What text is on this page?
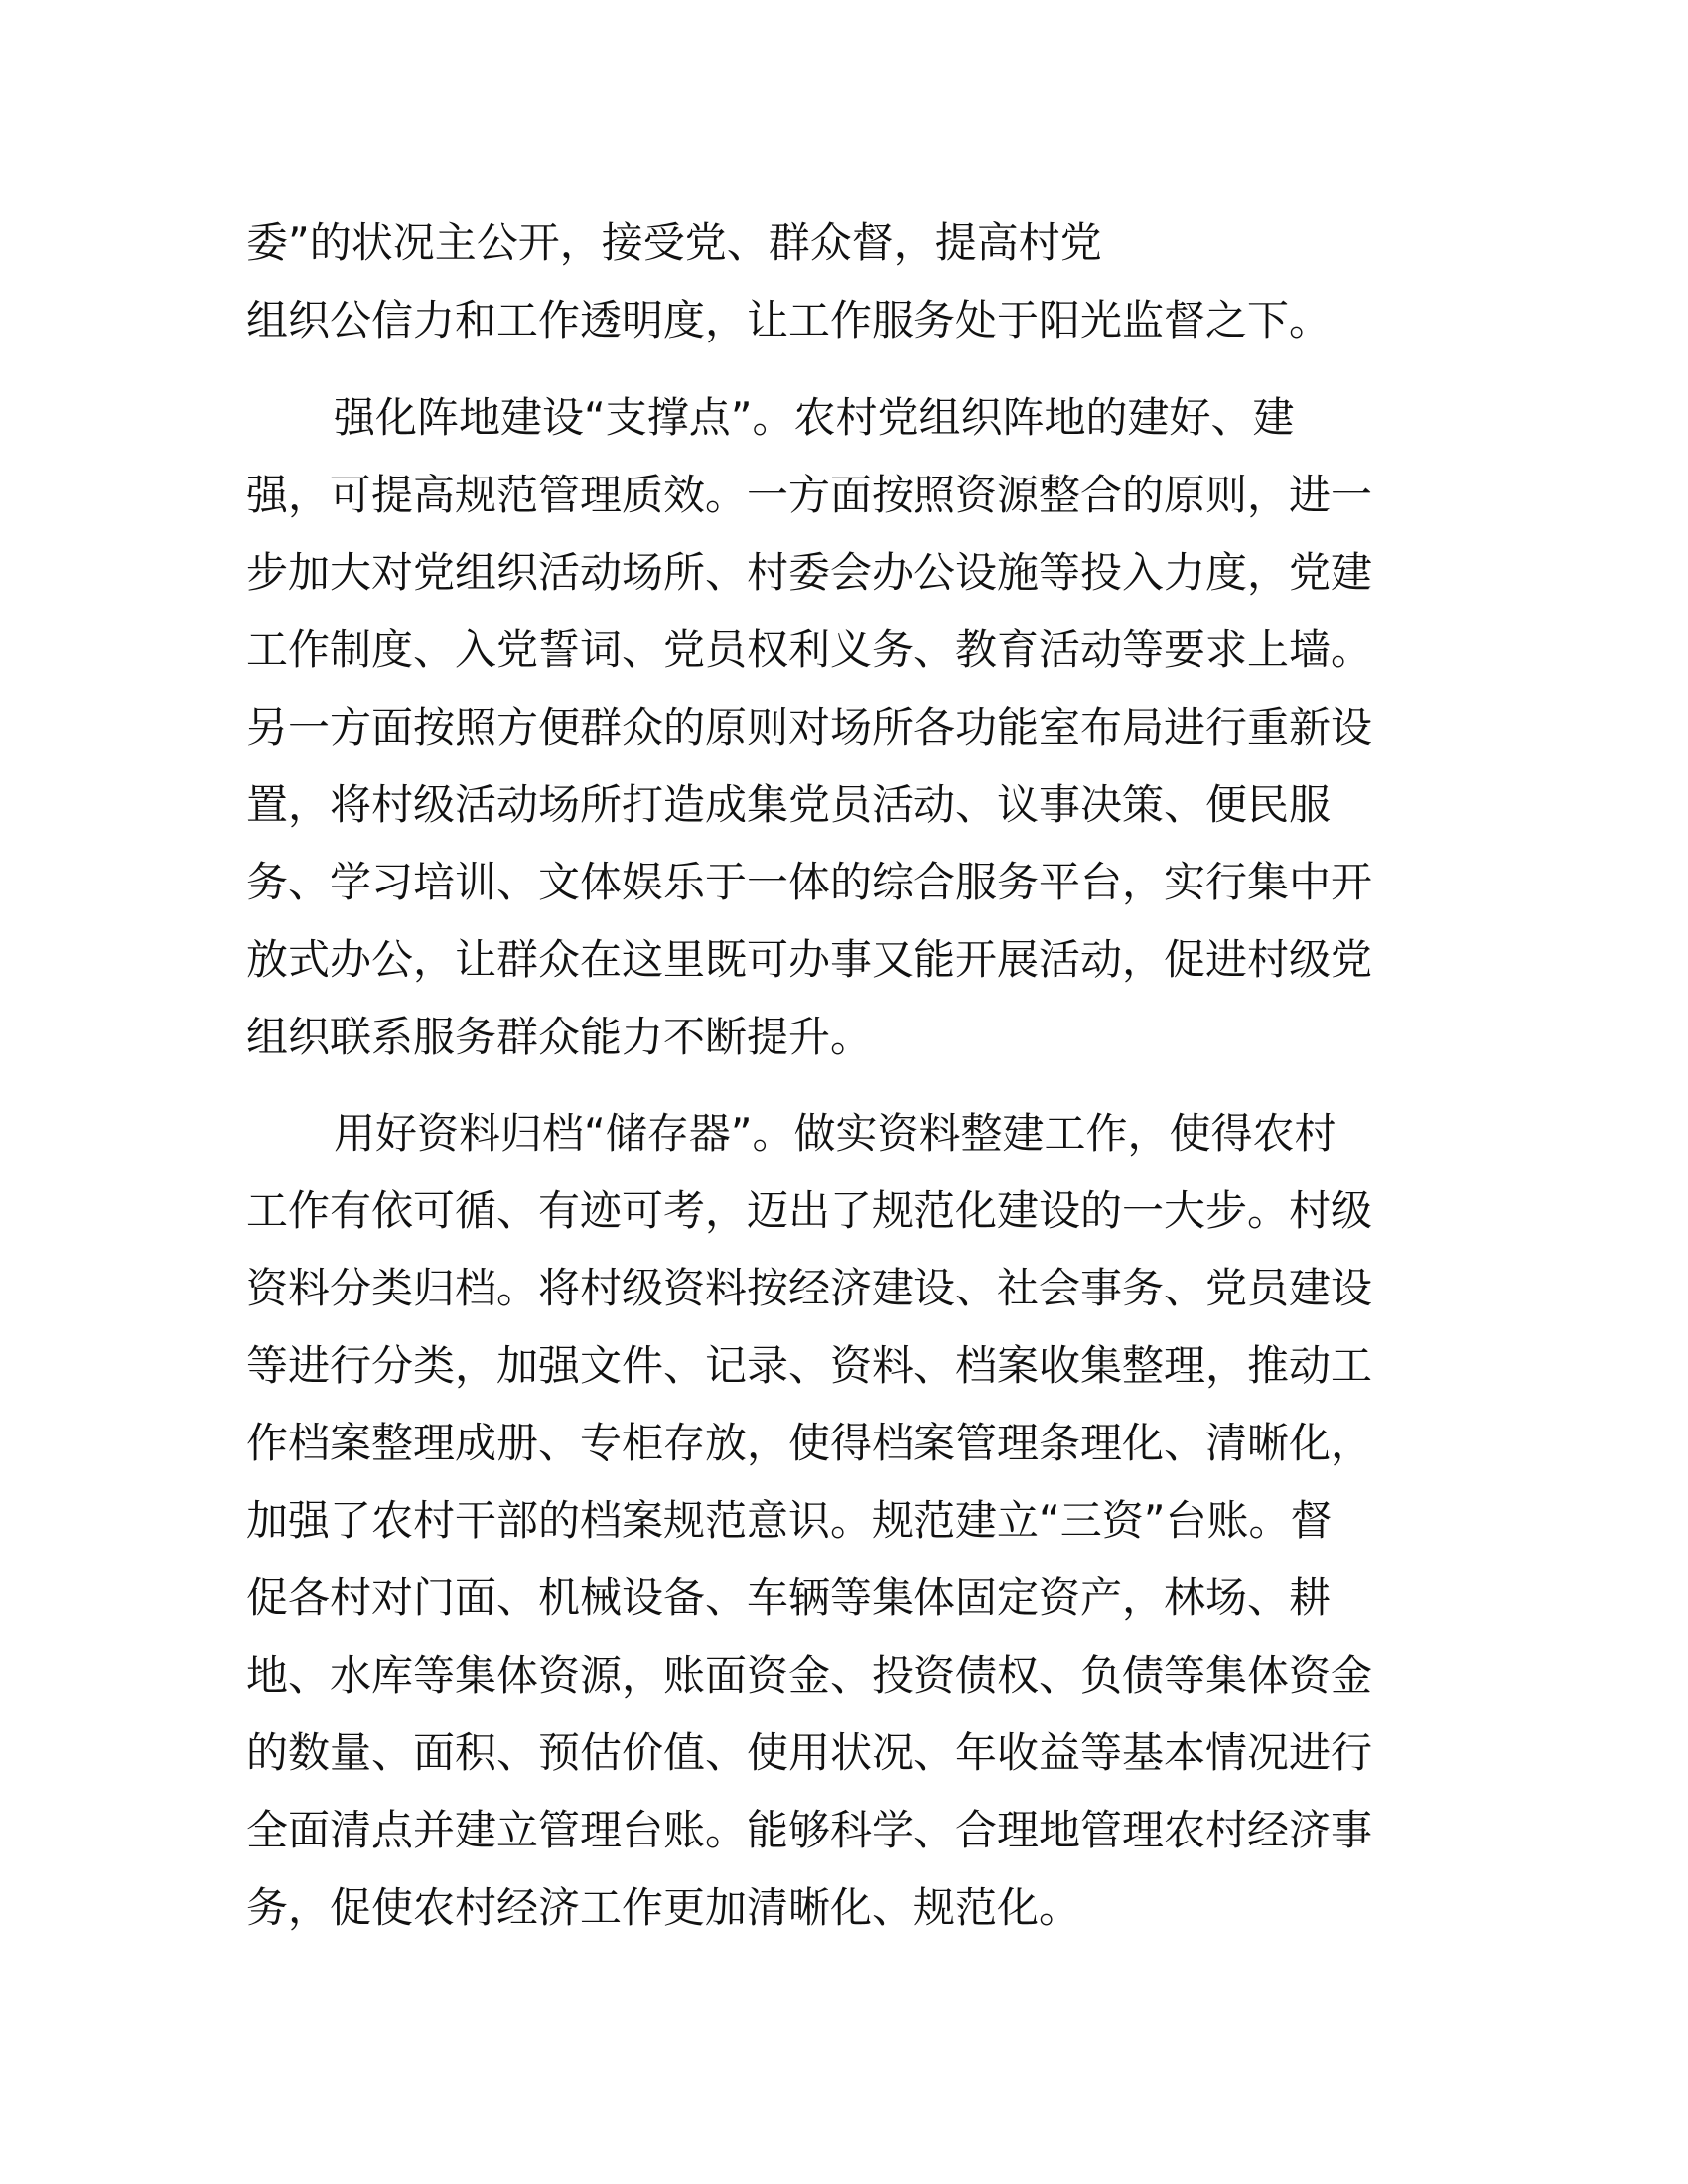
委”的状况主公开，接受党、群众督，提高村党

组织公信力和工作透明度，让工作服务处于阳光监督之下。

强化阵地建设“支撑点”。农村党组织阵地的建好、建

强，可提高规范管理质效。一方面按照资源整合的原则，进一

步加大对党组织活动场所、村委会办公设施等投入力度，党建

工作制度、入党誓词、党员权利义务、教育活动等要求上墙。

另一方面按照方便群众的原则对场所各功能室布局进行重新设

置，将村级活动场所打造成集党员活动、议事决策、便民服

务、学习培训、文体娱乐于一体的综合服务平台，实行集中开

放式办公，让群众在这里既可办事又能开展活动，促进村级党

组织联系服务群众能力不断提升。

用好资料归档“储存器”。做实资料整建工作，使得农村

工作有依可循、有迹可考，迈出了规范化建设的一大步。村级

资料分类归档。将村级资料按经济建设、社会事务、党员建设

等进行分类，加强文件、记录、资料、档案收集整理，推动工

作档案整理成册、专柜存放，使得档案管理条理化、清晰化，

加强了农村干部的档案规范意识。规范建立“三资”台账。督

促各村对门面、机械设备、车辆等集体固定资产，林场、耕

地、水库等集体资源，账面资金、投资债权、负债等集体资金

的数量、面积、预估价值、使用状况、年收益等基本情况进行

全面清点并建立管理台账。能够科学、合理地管理农村经济事

务，促使农村经济工作更加清晰化、规范化。
